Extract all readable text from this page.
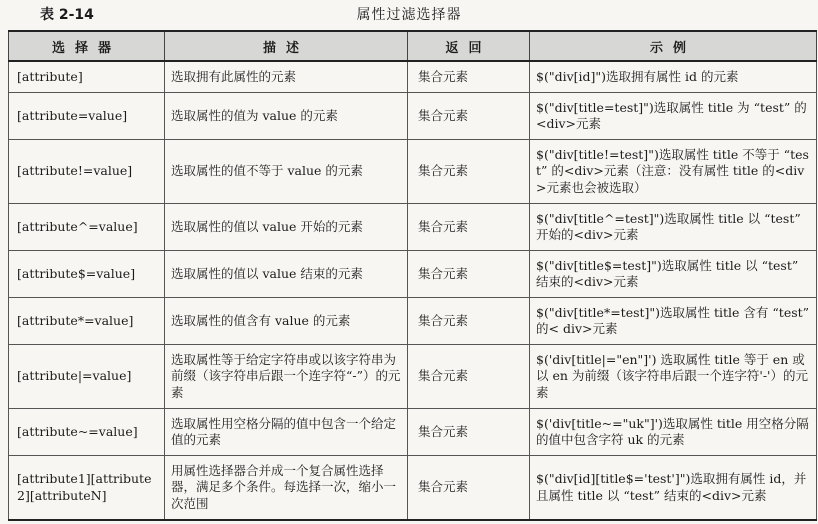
属性过滤选择器
表 2-14
选择器	描述	返回	示例
[attribute]	选取拥有此属性的元素	集合元素	$("div[id]")选取拥有属性 id 的元素
[attribute=value]	选取属性的值为 value 的元素	集合元素	$("div[title=test]")选取属性 title 为 “test” 的<div>元素
[attribute!=value]	选取属性的值不等于 value 的元素	集合元素	$("div[title!=test]")选取属性 title 不等于 “test” 的<div>元素（注意：没有属性 title 的<div>元素也会被选取）
[attribute^=value]	选取属性的值以 value 开始的元素	集合元素	$("div[title^=test]")选取属性 title 以 “test” 开始的<div>元素
[attribute$=value]	选取属性的值以 value 结束的元素	集合元素	$("div[title$=test]")选取属性 title 以 “test” 结束的<div>元素
[attribute*=value]	选取属性的值含有 value 的元素	集合元素	$("div[title*=test]")选取属性 title 含有 “test” 的< div>元素
[attribute|=value]	选取属性等于给定字符串或以该字符串为前缀（该字符串后跟一个连字符“-”）的元素	集合元素	$('div[title|="en"]') 选取属性 title 等于 en 或以 en 为前缀（该字符串后跟一个连字符'-'）的元素
[attribute~=value]	选取属性用空格分隔的值中包含一个给定值的元素	集合元素	$('div[title~="uk"]')选取属性 title 用空格分隔的值中包含字符 uk 的元素
[attribute1][attribute2][attributeN]	用属性选择器合并成一个复合属性选择器，满足多个条件。每选择一次，缩小一次范围	集合元素	$("div[id][title$='test']")选取拥有属性 id，并且属性 title 以 “test” 结束的<div>元素
